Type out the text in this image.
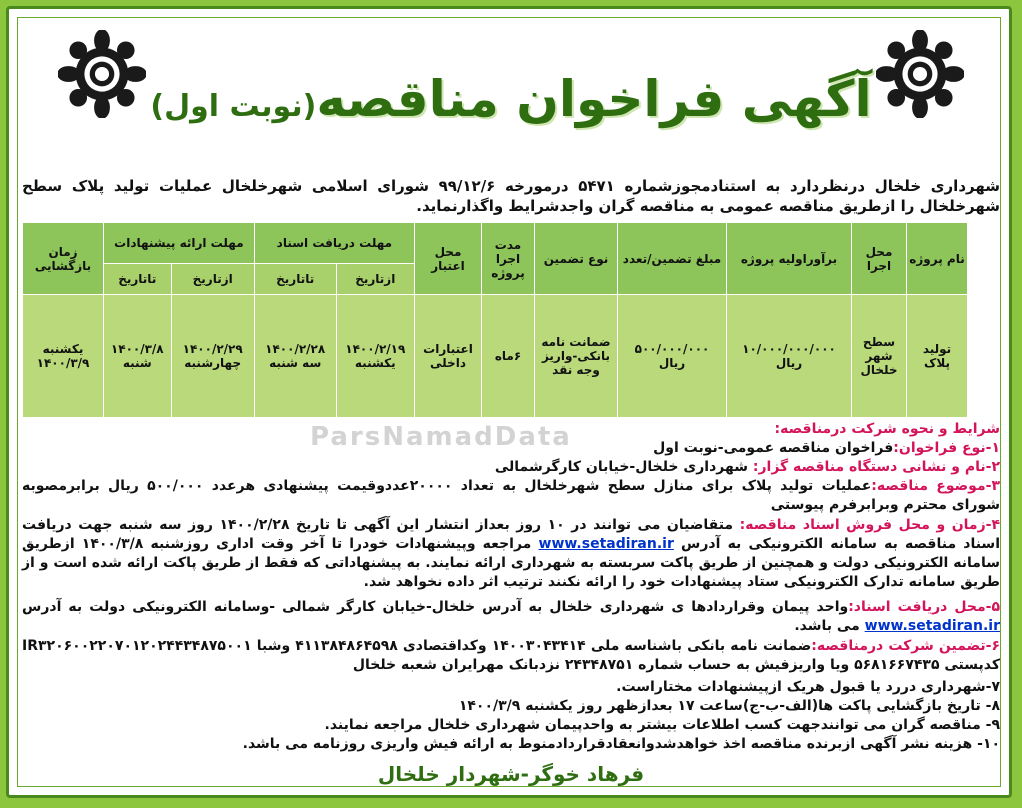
آگهی فراخوان مناقصه(نوبت اول)
شهرداری خلخال درنظردارد به استنادمجوزشماره ۵۴۷۱ درمورخه ۹۹/۱۲/۶ شورای اسلامی شهرخلخال عملیات تولید پلاک سطح شهرخلخال را ازطریق مناقصه عمومی به مناقصه گران واجدشرایط واگذارنماید.
نام پروژه	محل اجرا	برآوراولیه پروژه	مبلغ تضمین/تعدد	نوع تضمین	مدت اجرا پروژه	محل اعتبار	مهلت دریافت اسناد		مهلت ارائه پیشنهادات		زمان بازگشایی
							ازتاریخ	تاتاریخ	ازتاریخ	تاتاریخ	
تولید پلاک	سطح شهر خلخال	۱۰/۰۰۰/۰۰۰/۰۰۰ ریال	۵۰۰/۰۰۰/۰۰۰ ریال	ضمانت نامه بانکی-واریز وجه نقد	۶ماه	اعتبارات داخلی	۱۴۰۰/۲/۱۹ یکشنبه	۱۴۰۰/۲/۲۸ سه شنبه	۱۴۰۰/۲/۲۹ چهارشنبه	۱۴۰۰/۳/۸ شنبه	یکشنبه ۱۴۰۰/۳/۹
ParsNamadData	شرایط و نحوه شرکت درمناقصه:
۱-نوع فراخوان:فراخوان مناقصه عمومی-نوبت اول
۲-نام و نشانی دستگاه مناقصه گزار: شهرداری خلخال-خیابان کارگرشمالی
۳-موضوع مناقصه:عملیات تولید پلاک برای منازل سطح شهرخلخال به تعداد ۲۰۰۰۰عددوقیمت پیشنهادی هرعدد ۵۰۰/۰۰۰ ریال برابرمصوبه شورای محترم وبرابرفرم پیوستی
۴-زمان و محل فروش اسناد مناقصه: متقاضیان می توانند در ۱۰ روز بعداز انتشار این آگهی تا تاریخ ۱۴۰۰/۲/۲۸ روز سه شنبه جهت دریافت اسناد مناقصه به سامانه الکترونیکی به آدرس www.setadiran.ir مراجعه وپیشنهادات خودرا تا آخر وقت اداری روزشنبه ۱۴۰۰/۳/۸ ازطریق سامانه الکترونیکی دولت و همچنین از طریق پاکت سربسته به شهرداری ارائه نمایند. به پیشنهاداتی که فقط از طریق پاکت ارائه شده است و از طریق سامانه تدارک الکترونیکی ستاد پیشنهادات خود را ارائه نکنند ترتیب اثر داده نخواهد شد.
۵-محل دریافت اسناد:واحد پیمان وقراردادها ی شهرداری خلخال به آدرس خلخال-خیابان کارگر شمالی -وسامانه الکترونیکی دولت به آدرس www.setadiran.ir می باشد.
۶-تضمین شرکت درمناقصه:ضمانت نامه بانکی باشناسه ملی ۱۴۰۰۳۰۴۳۴۱۴ وکداقتصادی ۴۱۱۳۸۴۸۶۴۵۹۸ وشبا IR۳۲۰۶۰۰۲۲۰۷۰۱۲۰۲۴۴۳۴۸۷۵۰۰۱ کدپستی ۵۶۸۱۶۶۷۴۳۵ ویا واریزفیش به حساب شماره ۲۴۳۴۸۷۵۱ نزدبانک مهرایران شعبه خلخال
۷-شهرداری دررد یا قبول هریک ازپیشنهادات مختاراست.
۸- تاریخ بازگشایی پاکت ها(الف-ب-ج)ساعت ۱۷ بعدازظهر روز یکشنبه ۱۴۰۰/۳/۹
۹- مناقصه گران می توانندجهت کسب اطلاعات بیشتر به واحدپیمان شهرداری خلخال مراجعه نمایند.
۱۰- هزینه نشر آگهی ازبرنده مناقصه اخذ خواهدشدوانعقادقراردادمنوط به ارائه فیش واریزی روزنامه می باشد.
فرهاد خوگر-شهردار خلخال
